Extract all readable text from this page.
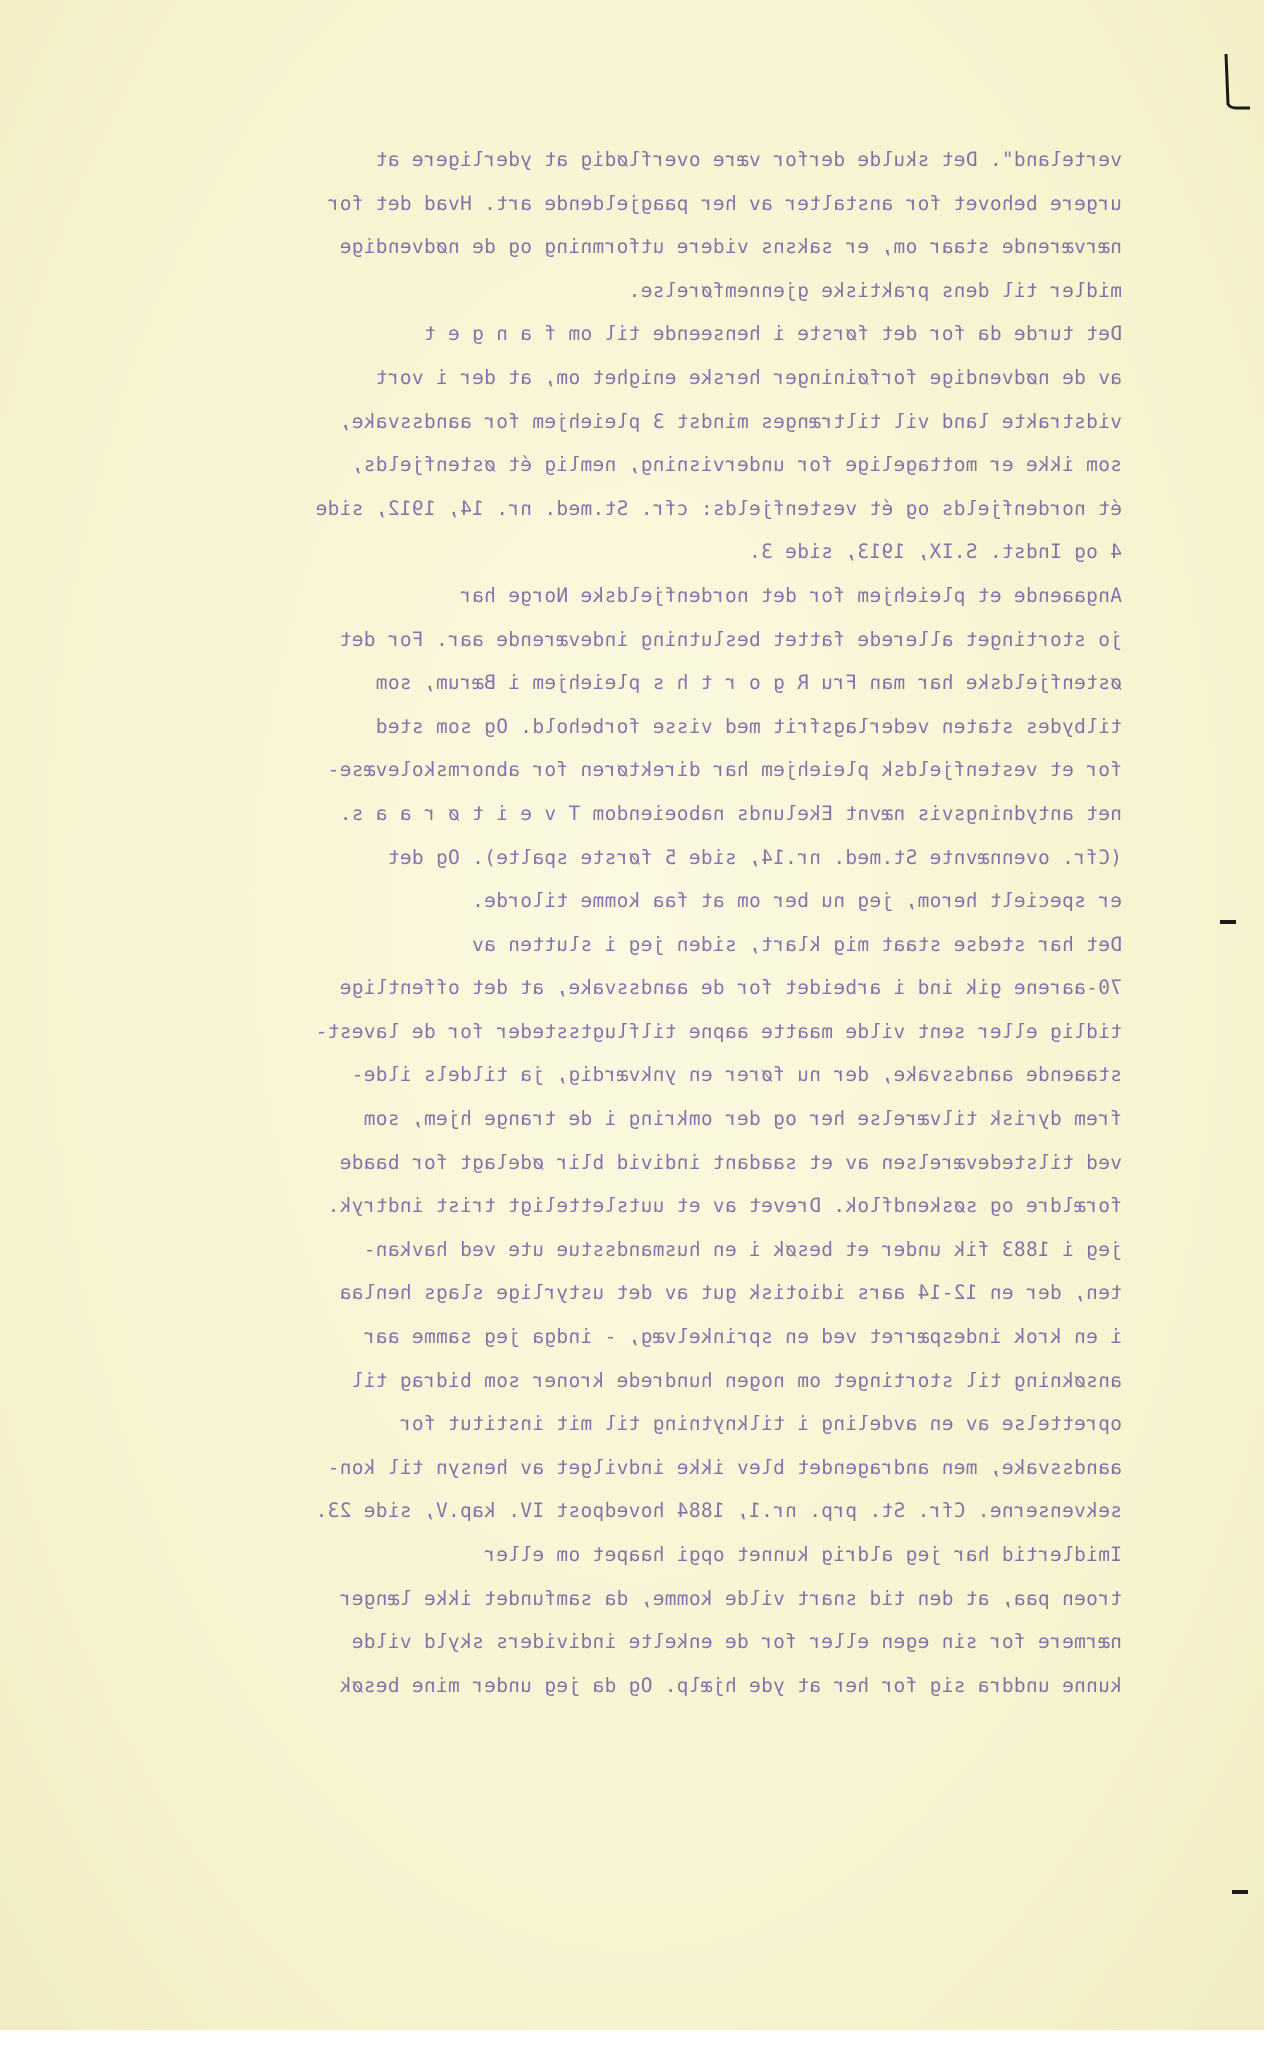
verteland". Det skulde derfor være overflødig at yderligere at
urgere behovet for anstalter av her paagjeldende art. Hvad det for
nærværende staar om, er saksns videre utformning og de nødvendige
midler til dens praktiske gjennemførelse.
Det turde da for det første i henseende til om f a n g e t
av de nødvendige forføininger herske enighet om, at der i vort
vidstrakte land vil tiltrænges mindst 3 pleiehjem for aandssvake,
som ikke er mottagelige for undervisning, nemlig ét østenfjelds,
ét nordenfjelds og ét vestenfjelds: cfr. St.med. nr. 14, 1912, side
4 og Indst. S.IX, 1913, side 3.
Angaaende et pleiehjem for det nordenfjeldske Norge har
jo stortinget allerede fattet beslutning indeværende aar. For det
østenfjeldske har man Fru R g o r t h s pleiehjem i Bærum, som
tilbydes staten vederlagsfrit med visse forbehold. Og som sted
for et vestenfjeldsk pleiehjem har direktøren for abnormskolevæse-
net antydningsvis nævnt Ekelunds naboeiendom T v e i t ø r a a s.
(Cfr. ovennævnte St.med. nr.14, side 5 første spalte). Og det
er specielt herom, jeg nu ber om at faa komme tilorde.
Det har stedse staat mig klart, siden jeg i slutten av
70-aarene gik ind i arbeidet for de aandssvake, at det offentlige
tidlig eller sent vilde maatte aapne tilflugtssteder for de lavest-
staaende aandssvake, der nu fører en ynkværdig, ja tildels ilde-
frem dyrisk tilværelse her og der omkring i de trange hjem, som
ved tilstedeværelsen av et saadant individ blir ødelagt for baade
forældre og søskendflok. Drevet av et uutsletteligt trist indtryk.
jeg i 1883 fik under et besøk i en husmandsstue ute ved havkan-
ten, der en 12-14 aars idiotisk gut av det ustyrlige slags henlaa
i en krok indespærret ved en sprinkelvæg, - indga jeg samme aar
ansøkning til stortinget om nogen hundrede kroner som bidrag til
oprettelse av en avdeling i tilknytning til mit institut for
aandssvake, men andragendet blev ikke indvilget av hensyn til kon-
sekvenserne. Cfr. St. prp. nr.1, 1884 hovedpost IV. kap.V, side 23.
Imidlertid har jeg aldrig kunnet opgi haapet om eller
troen paa, at den tid snart vilde komme, da samfundet ikke længer
nærmere for sin egen eller for de enkelte individers skyld vilde
kunne unddra sig for her at yde hjælp. Og da jeg under mine besøk
